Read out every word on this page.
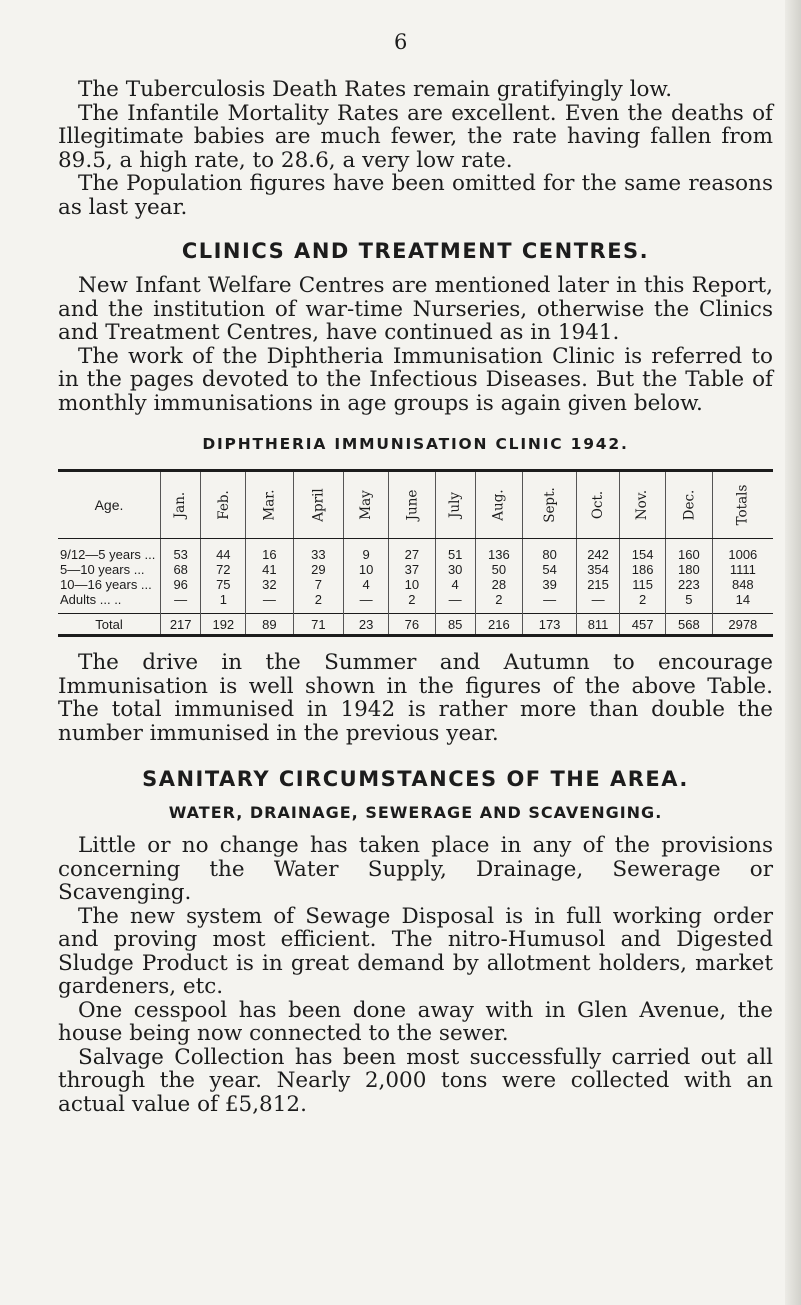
6

The Tuberculosis Death Rates remain gratifyingly low.

The Infantile Mortality Rates are excellent. Even the deaths of Illegitimate babies are much fewer, the rate having fallen from 89.5, a high rate, to 28.6, a very low rate.

The Population figures have been omitted for the same reasons as last year.

CLINICS AND TREATMENT CENTRES.

New Infant Welfare Centres are mentioned later in this Report, and the institution of war-time Nurseries, otherwise the Clinics and Treatment Centres, have continued as in 1941.

The work of the Diphtheria Immunisation Clinic is referred to in the pages devoted to the Infectious Diseases. But the Table of monthly immunisations in age groups is again given below.

DIPHTHERIA IMMUNISATION CLINIC 1942.
Age.	Jan.	Feb.	Mar.	April	May	June	July	Aug.	Sept.	Oct.	Nov.	Dec.	Totals
9/12—5 years ...	53	44	16	33	9	27	51	136	80	242	154	160	1006
5—10 years ...	68	72	41	29	10	37	30	50	54	354	186	180	1111
10—16 years ...	96	75	32	7	4	10	4	28	39	215	115	223	848
Adults ... ..	—	1	—	2	—	2	—	2	—	—	2	5	14
Total	217	192	89	71	23	76	85	216	173	811	457	568	2978

The drive in the Summer and Autumn to encourage Immunisation is well shown in the figures of the above Table. The total immunised in 1942 is rather more than double the number immunised in the previous year.

SANITARY CIRCUMSTANCES OF THE AREA.
WATER, DRAINAGE, SEWERAGE AND SCAVENGING.

Little or no change has taken place in any of the provisions concerning the Water Supply, Drainage, Sewerage or Scavenging.

The new system of Sewage Disposal is in full working order and proving most efficient. The nitro-Humusol and Digested Sludge Product is in great demand by allotment holders, market gardeners, etc.

One cesspool has been done away with in Glen Avenue, the house being now connected to the sewer.

Salvage Collection has been most successfully carried out all through the year. Nearly 2,000 tons were collected with an actual value of £5,812.
